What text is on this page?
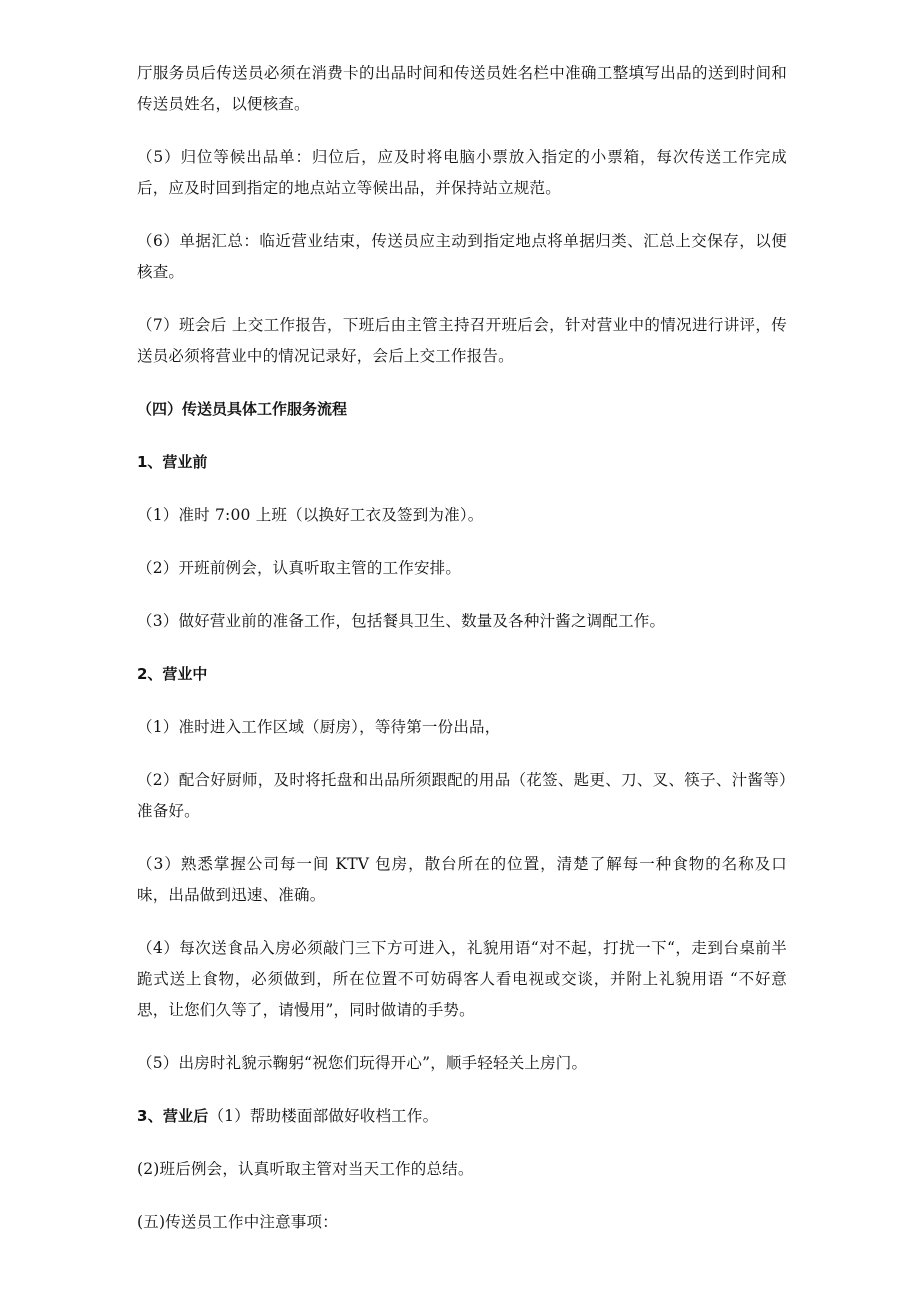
厅服务员后传送员必须在消费卡的出品时间和传送员姓名栏中准确工整填写出品的送到时间和传送员姓名，以便核查。

（5）归位等候出品单：归位后，应及时将电脑小票放入指定的小票箱，每次传送工作完成后，应及时回到指定的地点站立等候出品，并保持站立规范。

（6）单据汇总：临近营业结束，传送员应主动到指定地点将单据归类、汇总上交保存，以便核查。

（7）班会后 上交工作报告，下班后由主管主持召开班后会，针对营业中的情况进行讲评，传送员必须将营业中的情况记录好，会后上交工作报告。

（四）传送员具体工作服务流程

1、营业前

（1）准时 7:00 上班（以换好工衣及签到为准）。

（2）开班前例会，认真听取主管的工作安排。

（3）做好营业前的准备工作，包括餐具卫生、数量及各种汁酱之调配工作。

2、营业中

（1）准时进入工作区域（厨房），等待第一份出品，

（2）配合好厨师，及时将托盘和出品所须跟配的用品（花签、匙更、刀、叉、筷子、汁酱等）准备好。

（3）熟悉掌握公司每一间 KTV 包房，散台所在的位置，清楚了解每一种食物的名称及口味，出品做到迅速、准确。

（4）每次送食品入房必须敲门三下方可进入，礼貌用语“对不起，打扰一下“，走到台桌前半跪式送上食物，必须做到，所在位置不可妨碍客人看电视或交谈，并附上礼貌用语 “不好意思，让您们久等了，请慢用”，同时做请的手势。

（5）出房时礼貌示鞠躬“祝您们玩得开心”，顺手轻轻关上房门。

3、营业后（1）帮助楼面部做好收档工作。

(2)班后例会，认真听取主管对当天工作的总结。

(五)传送员工作中注意事项：
